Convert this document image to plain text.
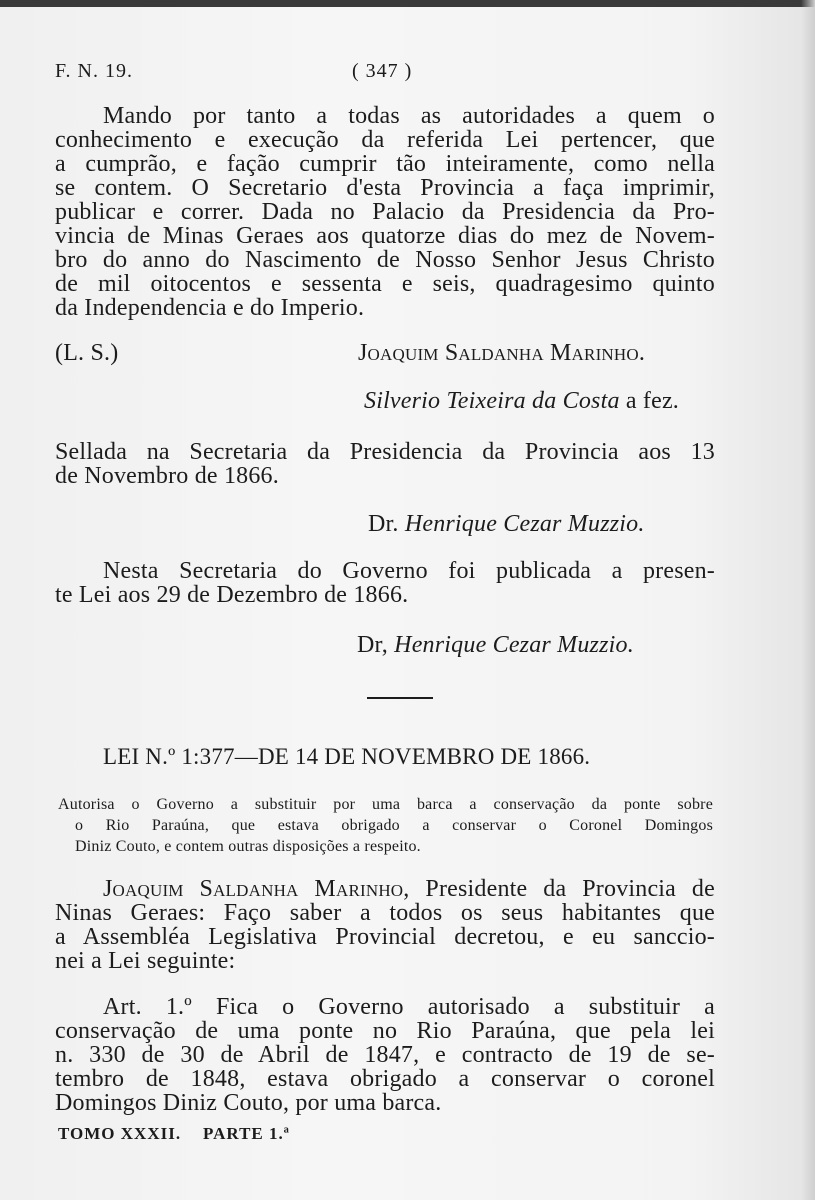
F. N. 19.	( 347 )
Mando por tanto a todas as autoridades a quem o
conhecimento e execução da referida Lei pertencer, que
a cumprão, e fação cumprir tão inteiramente, como nella
se contem. O Secretario d'esta Provincia a faça imprimir,
publicar e correr. Dada no Palacio da Presidencia da Pro-
vincia de Minas Geraes aos quatorze dias do mez de Novem-
bro do anno do Nascimento de Nosso Senhor Jesus Christo
de mil oitocentos e sessenta e seis, quadragesimo quinto
da Independencia e do Imperio.
(L. S.)	Joaquim Saldanha Marinho.
Silverio Teixeira da Costa a fez.
Sellada na Secretaria da Presidencia da Provincia aos 13
de Novembro de 1866.
Dr. Henrique Cezar Muzzio.
Nesta Secretaria do Governo foi publicada a presen-
te Lei aos 29 de Dezembro de 1866.
Dr, Henrique Cezar Muzzio.
LEI N.º 1:377—DE 14 DE NOVEMBRO DE 1866.
Autorisa o Governo a substituir por uma barca a conservação da ponte sobre
o Rio Paraúna, que estava obrigado a conservar o Coronel Domingos
Diniz Couto, e contem outras disposições a respeito.
Joaquim Saldanha Marinho, Presidente da Provincia de
Ninas Geraes: Faço saber a todos os seus habitantes que
a Assembléa Legislativa Provincial decretou, e eu sanccio-
nei a Lei seguinte:
Art. 1.º Fica o Governo autorisado a substituir a
conservação de uma ponte no Rio Paraúna, que pela lei
n. 330 de 30 de Abril de 1847, e contracto de 19 de se-
tembro de 1848, estava obrigado a conservar o coronel
Domingos Diniz Couto, por uma barca.
TOMO XXXII. PARTE 1.ª
